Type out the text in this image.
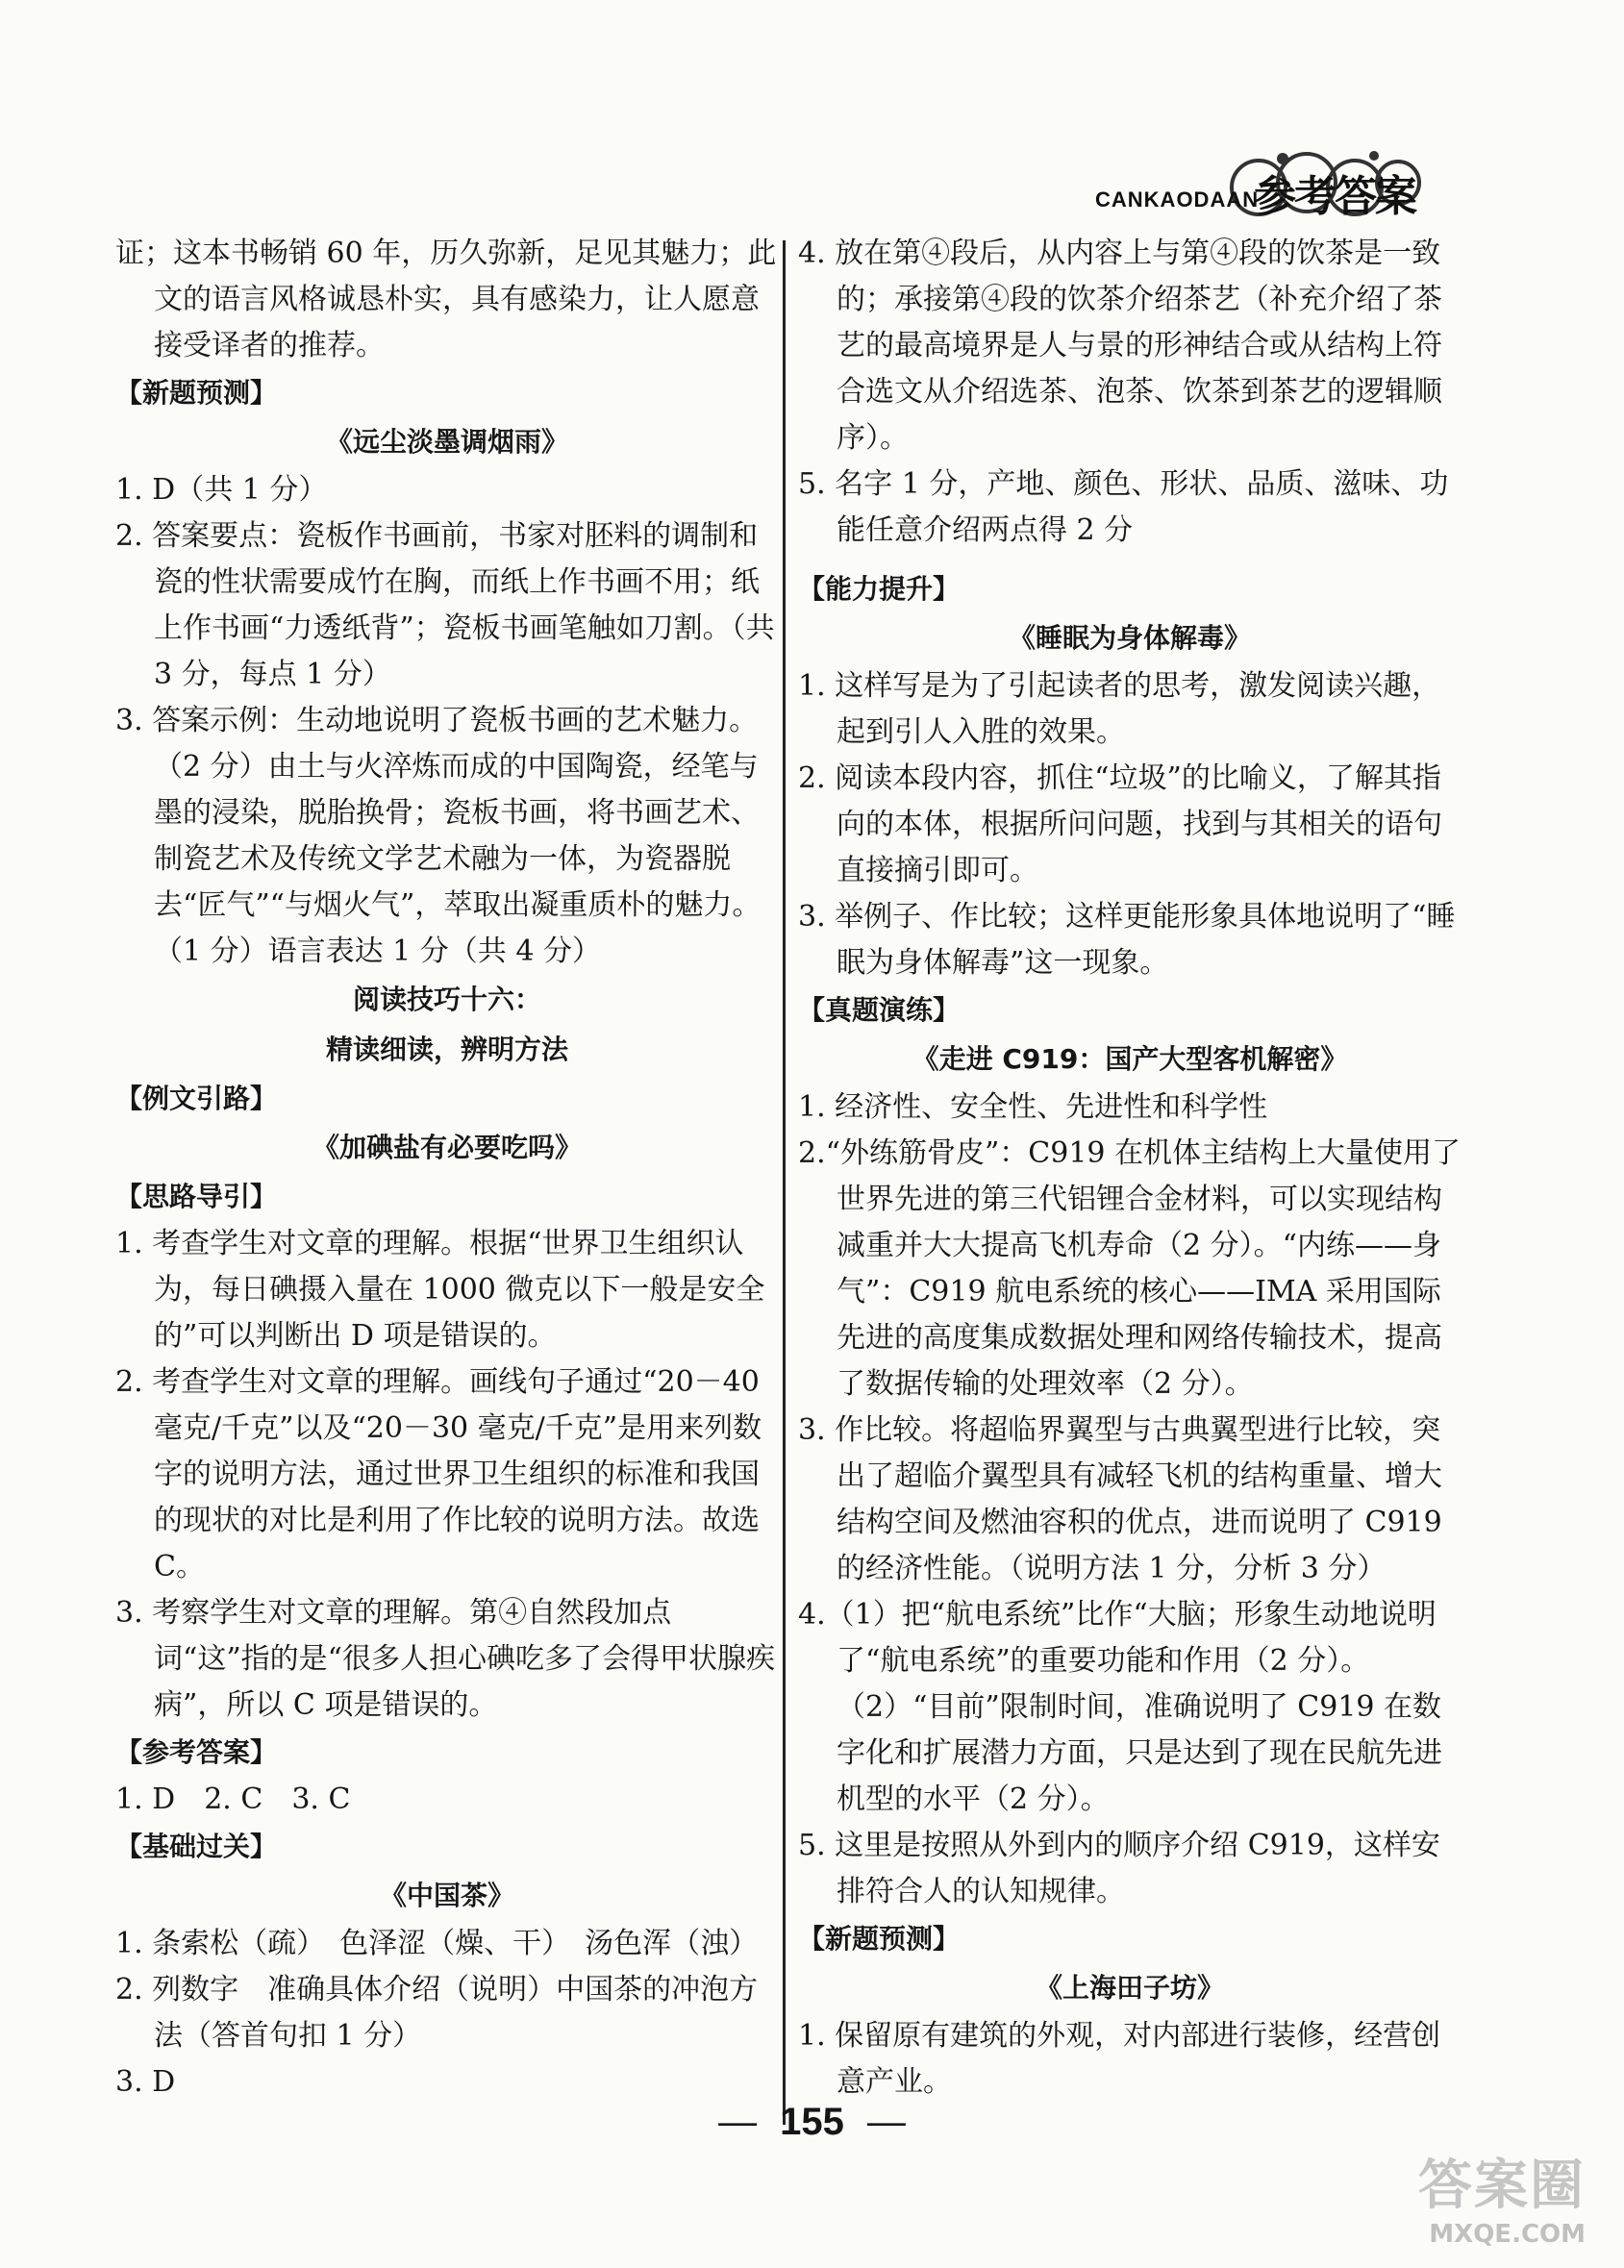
CANKAODAAN
参考答案
证；这本书畅销 60 年，历久弥新，足见其魅力；此文的语言风格诚恳朴实，具有感染力，让人愿意接受译者的推荐。
【新题预测】
《远尘淡墨调烟雨》
1. D（共 1 分）
2. 答案要点：瓷板作书画前，书家对胚料的调制和瓷的性状需要成竹在胸，而纸上作书画不用；纸上作书画“力透纸背”；瓷板书画笔触如刀割。（共 3 分，每点 1 分）
3. 答案示例：生动地说明了瓷板书画的艺术魅力。（2 分）由土与火淬炼而成的中国陶瓷，经笔与墨的浸染，脱胎换骨；瓷板书画，将书画艺术、制瓷艺术及传统文学艺术融为一体，为瓷器脱去“匠气”“与烟火气”，萃取出凝重质朴的魅力。（1 分）语言表达 1 分（共 4 分）
阅读技巧十六：
精读细读，辨明方法
【例文引路】
《加碘盐有必要吃吗》
【思路导引】
1. 考查学生对文章的理解。根据“世界卫生组织认为，每日碘摄入量在 1000 微克以下一般是安全的”可以判断出 D 项是错误的。
2. 考查学生对文章的理解。画线句子通过“20－40 毫克/千克”以及“20－30 毫克/千克”是用来列数字的说明方法，通过世界卫生组织的标准和我国的现状的对比是利用了作比较的说明方法。故选 C。
3. 考察学生对文章的理解。第④自然段加点词“这”指的是“很多人担心碘吃多了会得甲状腺疾病”，所以 C 项是错误的。
【参考答案】
1. D　2. C　3. C
【基础过关】
《中国茶》
1. 条索松（疏）　色泽涩（燥、干）　汤色浑（浊）
2. 列数字　准确具体介绍（说明）中国茶的冲泡方法（答首句扣 1 分）
3. D
4. 放在第④段后，从内容上与第④段的饮茶是一致的；承接第④段的饮茶介绍茶艺（补充介绍了茶艺的最高境界是人与景的形神结合或从结构上符合选文从介绍选茶、泡茶、饮茶到茶艺的逻辑顺序）。
5. 名字 1 分，产地、颜色、形状、品质、滋味、功能任意介绍两点得 2 分
【能力提升】
《睡眠为身体解毒》
1. 这样写是为了引起读者的思考，激发阅读兴趣，起到引人入胜的效果。
2. 阅读本段内容，抓住“垃圾”的比喻义，了解其指向的本体，根据所问问题，找到与其相关的语句直接摘引即可。
3. 举例子、作比较；这样更能形象具体地说明了“睡眠为身体解毒”这一现象。
【真题演练】
《走进 C919：国产大型客机解密》
1. 经济性、安全性、先进性和科学性
2.“外练筋骨皮”：C919 在机体主结构上大量使用了世界先进的第三代铝锂合金材料，可以实现结构减重并大大提高飞机寿命（2 分）。“内练——身气”：C919 航电系统的核心——IMA 采用国际先进的高度集成数据处理和网络传输技术，提高了数据传输的处理效率（2 分）。
3. 作比较。将超临界翼型与古典翼型进行比较，突出了超临介翼型具有减轻飞机的结构重量、增大结构空间及燃油容积的优点，进而说明了 C919 的经济性能。（说明方法 1 分，分析 3 分）
4.（1）把“航电系统”比作“大脑；形象生动地说明了“航电系统”的重要功能和作用（2 分）。（2）“目前”限制时间，准确说明了 C919 在数字化和扩展潜力方面，只是达到了现在民航先进机型的水平（2 分）。
5. 这里是按照从外到内的顺序介绍 C919，这样安排符合人的认知规律。
【新题预测】
《上海田子坊》
1. 保留原有建筑的外观，对内部进行装修，经营创意产业。
— 155 —
答案圈
MXQE.COM
